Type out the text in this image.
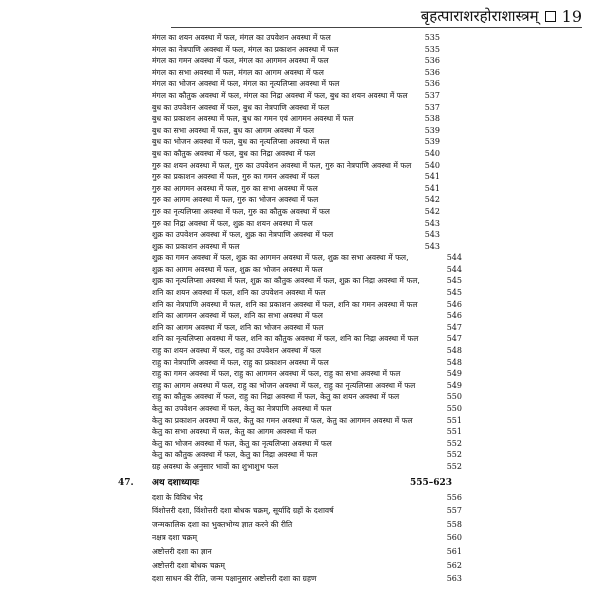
बृहत्पाराशरहोराशास्त्रम् 19
मंगल का शयन अवस्था में फल, मंगल का उपवेशन अवस्था में फल	535
मंगल का नेत्रपाणि अवस्था में फल, मंगल का प्रकाशन अवस्था में फल	535
मंगल का गमन अवस्था में फल, मंगल का आगमन अवस्था में फल	536
मंगल का सभा अवस्था में फल, मंगल का आगम अवस्था में फल	536
मंगल का भोजन अवस्था में फल, मंगल का नृत्यलिप्सा अवस्था में फल	536
मंगल का कौतुक अवस्था में फल, मंगल का निद्रा अवस्था में फल, बुध का शयन अवस्था में फल	537
बुध का उपवेशन अवस्था में फल, बुध का नेत्रपाणि अवस्था में फल	537
बुध का प्रकाशन अवस्था में फल, बुध का गमन एवं आगमन अवस्था में फल	538
बुध का सभा अवस्था में फल, बुध का आगम अवस्था में फल	539
बुध का भोजन अवस्था में फल, बुध का नृत्यलिप्सा अवस्था में फल	539
बुध का कौतुक अवस्था में फल, बुध का निद्रा अवस्था में फल	540
गुरु का शयन अवस्था में फल, गुरु का उपवेशन अवस्था में फल, गुरु का नेत्रपाणि अवस्था में फल	540
गुरु का प्रकाशन अवस्था में फल, गुरु का गमन अवस्था में फल	541
गुरु का आगमन अवस्था में फल, गुरु का सभा अवस्था में फल	541
गुरु का आगम अवस्था में फल, गुरु का भोजन अवस्था में फल	542
गुरु का नृत्यलिप्सा अवस्था में फल, गुरु का कौतुक अवस्था में फल	542
गुरु का निद्रा अवस्था में फल, शुक्र का शयन अवस्था में फल	543
शुक्र का उपवेशन अवस्था में फल, शुक्र का नेत्रपाणि अवस्था में फल	543
शुक्र का प्रकाशन अवस्था में फल	543
शुक्र का गमन अवस्था में फल, शुक्र का आगमन अवस्था में फल, शुक्र का सभा अवस्था में फल,	544
शुक्र का आगम अवस्था में फल, शुक्र का भोजन अवस्था में फल	544
शुक्र का नृत्यलिप्सा अवस्था में फल, शुक्र का कौतुक अवस्था में फल, शुक्र का निद्रा अवस्था में फल,	545
शनि का शयन अवस्था में फल, शनि का उपवेशन अवस्था में फल	545
शनि का नेत्रपाणि अवस्था में फल, शनि का प्रकाशन अवस्था में फल, शनि का गमन अवस्था में फल	546
शनि का आगमन अवस्था में फल, शनि का सभा अवस्था में फल	546
शनि का आगम अवस्था में फल, शनि का भोजन अवस्था में फल	547
शनि का नृत्यलिप्सा अवस्था में फल, शनि का कौतुक अवस्था में फल, शनि का निद्रा अवस्था में फल	547
राहु का शयन अवस्था में फल, राहु का उपवेशन अवस्था में फल	548
राहु का नेत्रपाणि अवस्था में फल, राहु का प्रकाशन अवस्था में फल	548
राहु का गमन अवस्था में फल, राहु का आगमन अवस्था में फल, राहु का सभा अवस्था में फल	549
राहु का आगम अवस्था में फल, राहु का भोजन अवस्था में फल, राहु का नृत्यलिप्सा अवस्था में फल	549
राहु का कौतुक अवस्था में फल, राहु का निद्रा अवस्था में फल, केतु का शयन अवस्था में फल	550
केतु का उपवेशन अवस्था में फल, केतु का नेत्रपाणि अवस्था में फल	550
केतु का प्रकाशन अवस्था में फल, केतु का गमन अवस्था में फल, केतु का आगमन अवस्था में फल	551
केतु का सभा अवस्था में फल, केतु का आगम अवस्था में फल	551
केतु का भोजन अवस्था में फल, केतु का नृत्यलिप्सा अवस्था में फल	552
केतु का कौतुक अवस्था में फल, केतु का निद्रा अवस्था में फल	552
ग्रह अवस्था के अनुसार भावों का शुभाशुभ फल	552
47. अथ दशाध्यायः	555–623
दशा के विविध भेद	556
विंशोत्तरी दशा, विंशोत्तरी दशा बोधक चक्रम्, सूर्यादि ग्रहों के दशावर्ष	557
जन्मकालिक दशा का भुक्तभोग्य ज्ञात करने की रीति	558
नक्षत्र दशा चक्रम्	560
अष्टोत्तरी दशा का ज्ञान	561
अष्टोत्तरी दशा बोधक चक्रम्	562
दशा साधन की रीति, जन्म पक्षानुसार अष्टोत्तरी दशा का ग्रहण	563
